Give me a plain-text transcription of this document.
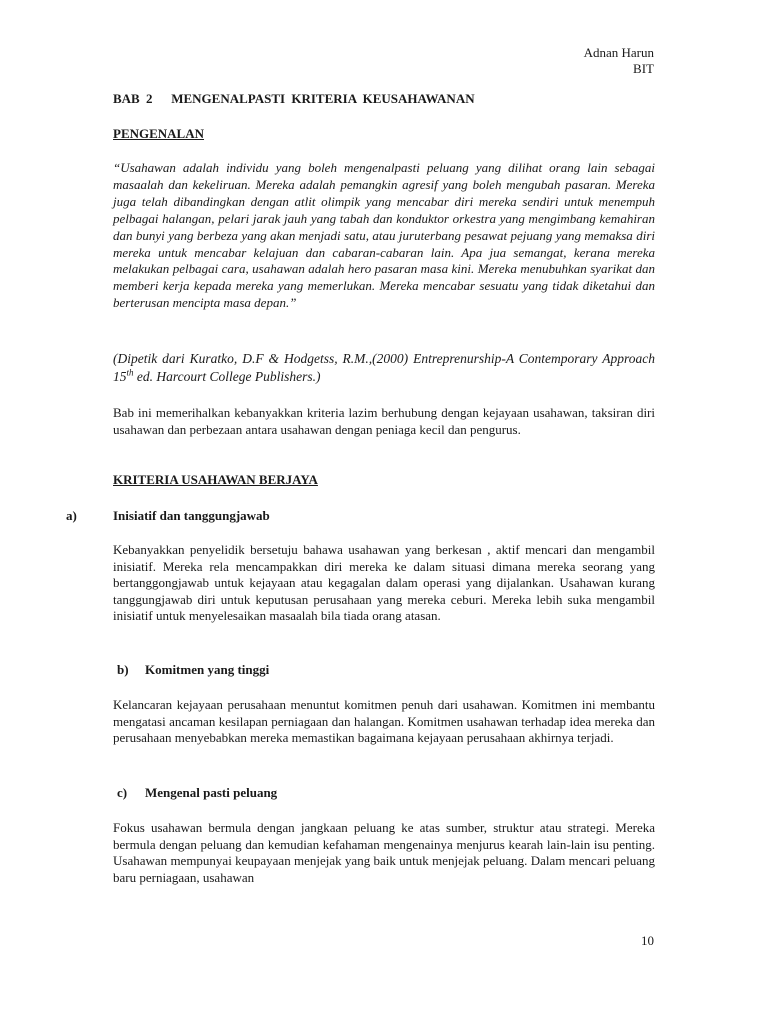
Adnan Harun
BIT
BAB 2   MENGENALPASTI KRITERIA KEUSAHAWANAN
PENGENALAN
“Usahawan adalah individu yang boleh mengenalpasti peluang yang dilihat orang lain sebagai masaalah dan kekeliruan. Mereka adalah pemangkin agresif yang boleh mengubah pasaran. Mereka juga telah dibandingkan dengan atlit olimpik yang mencabar diri mereka sendiri untuk menempuh pelbagai halangan, pelari jarak jauh yang tabah dan konduktor orkestra yang mengimbang kemahiran dan bunyi yang berbeza yang akan menjadi satu, atau juruterbang pesawat pejuang yang memaksa diri mereka untuk mencabar kelajuan dan cabaran-cabaran lain. Apa jua semangat, kerana mereka melakukan pelbagai cara, usahawan adalah hero pasaran masa kini. Mereka menubuhkan syarikat dan memberi kerja kepada mereka yang memerlukan. Mereka mencabar sesuatu yang tidak diketahui dan berterusan mencipta masa depan.”
(Dipetik dari Kuratko, D.F & Hodgetss, R.M.,(2000) Entreprenurship-A Contemporary Approach 15th ed. Harcourt College Publishers.)
Bab ini memerihalkan kebanyakkan kriteria lazim berhubung dengan kejayaan usahawan, taksiran diri usahawan dan perbezaan antara usahawan dengan peniaga kecil dan pengurus.
KRITERIA USAHAWAN BERJAYA
a)	Inisiatif dan tanggungjawab
Kebanyakkan penyelidik bersetuju bahawa usahawan yang berkesan , aktif mencari dan mengambil inisiatif. Mereka rela mencampakkan diri mereka ke dalam situasi dimana mereka seorang yang bertanggongjawab untuk kejayaan atau kegagalan dalam operasi yang dijalankan. Usahawan kurang tanggungjawab diri untuk keputusan perusahaan yang mereka ceburi. Mereka lebih suka mengambil inisiatif untuk menyelesaikan masaalah bila tiada orang atasan.
b) Komitmen yang tinggi
Kelancaran kejayaan perusahaan menuntut komitmen penuh dari usahawan. Komitmen ini membantu mengatasi ancaman kesilapan perniagaan dan halangan. Komitmen usahawan terhadap idea mereka dan perusahaan menyebabkan mereka memastikan bagaimana kejayaan perusahaan akhirnya terjadi.
c) Mengenal pasti peluang
Fokus usahawan bermula dengan jangkaan peluang ke atas sumber, struktur atau strategi. Mereka bermula dengan peluang dan kemudian kefahaman mengenainya menjurus kearah lain-lain isu penting. Usahawan mempunyai keupayaan menjejak yang baik untuk menjejak peluang. Dalam mencari peluang baru perniagaan, usahawan
10
